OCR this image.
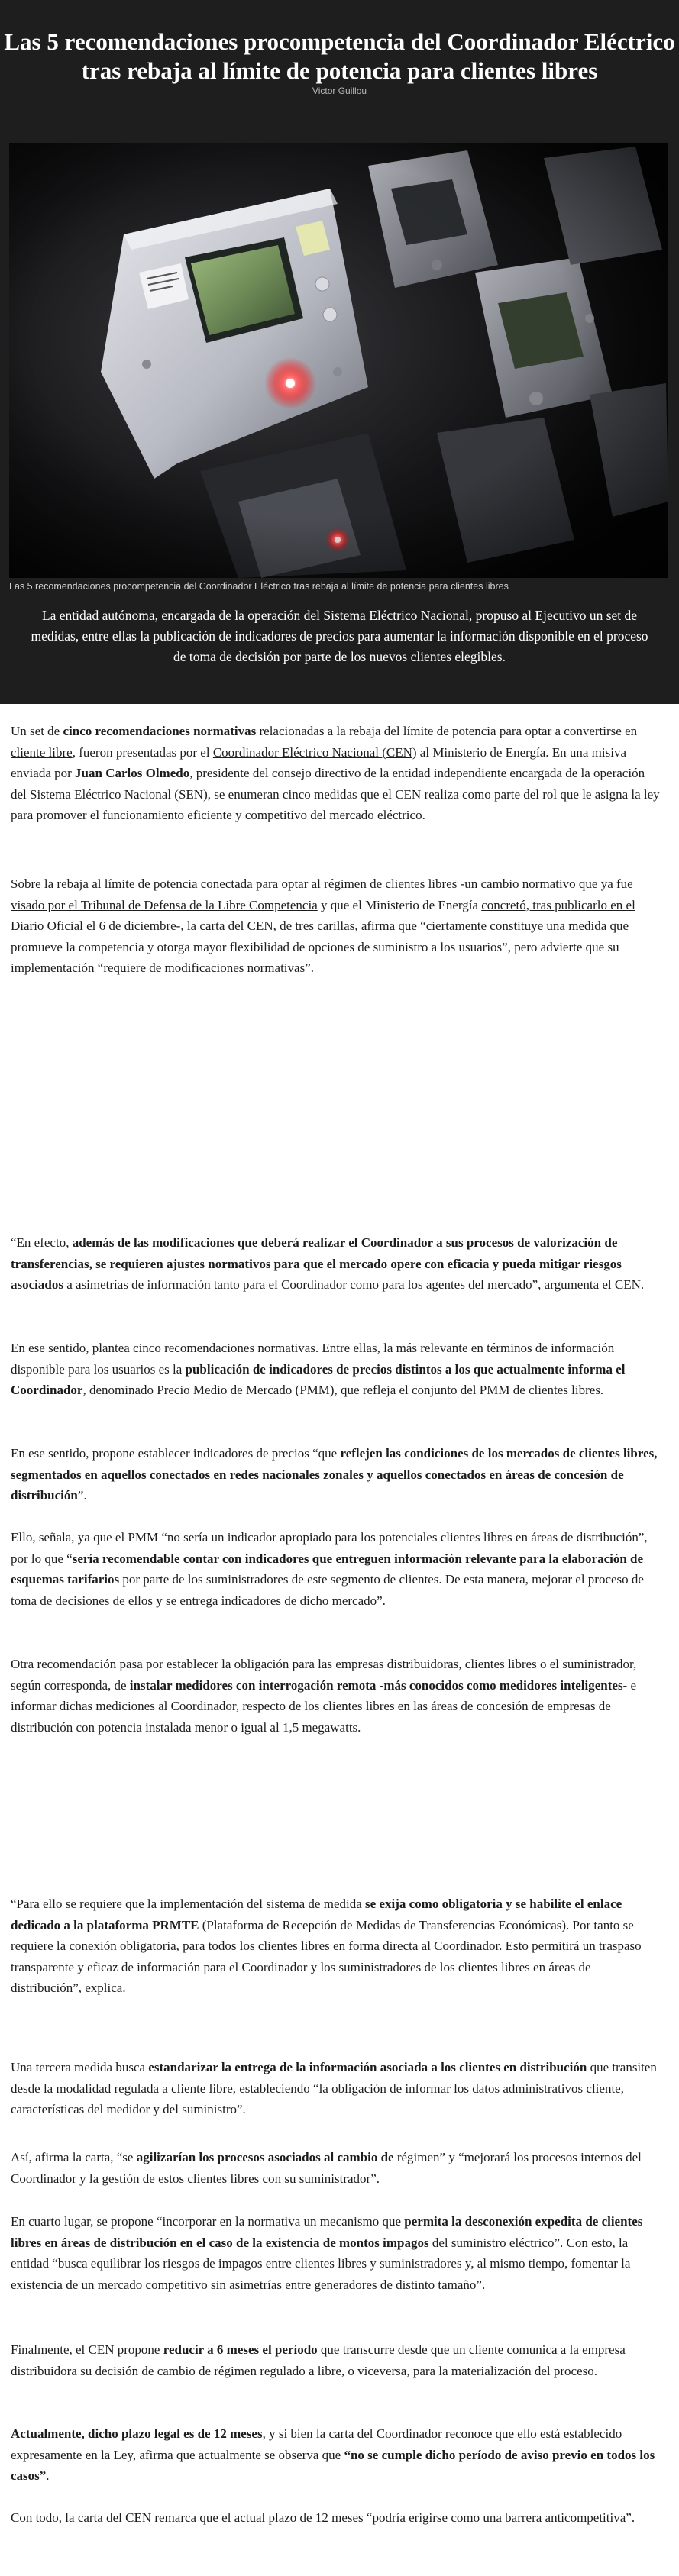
Las 5 recomendaciones procompetencia del Coordinador Eléctrico tras rebaja al límite de potencia para clientes libres
Victor Guillou
Las 5 recomendaciones procompetencia del Coordinador Eléctrico tras rebaja al límite de potencia para clientes libres

La entidad autónoma, encargada de la operación del Sistema Eléctrico Nacional, propuso al Ejecutivo un set de medidas, entre ellas la publicación de indicadores de precios para aumentar la información disponible en el proceso de toma de decisión por parte de los nuevos clientes elegibles.

Un set de cinco recomendaciones normativas relacionadas a la rebaja del límite de potencia para optar a convertirse en cliente libre, fueron presentadas por el Coordinador Eléctrico Nacional (CEN) al Ministerio de Energía. En una misiva enviada por Juan Carlos Olmedo, presidente del consejo directivo de la entidad independiente encargada de la operación del Sistema Eléctrico Nacional (SEN), se enumeran cinco medidas que el CEN realiza como parte del rol que le asigna la ley para promover el funcionamiento eficiente y competitivo del mercado eléctrico.

Sobre la rebaja al límite de potencia conectada para optar al régimen de clientes libres -un cambio normativo que ya fue visado por el Tribunal de Defensa de la Libre Competencia y que el Ministerio de Energía concretó, tras publicarlo en el Diario Oficial el 6 de diciembre-, la carta del CEN, de tres carillas, afirma que “ciertamente constituye una medida que promueve la competencia y otorga mayor flexibilidad de opciones de suministro a los usuarios”, pero advierte que su implementación “requiere de modificaciones normativas”.

“En efecto, además de las modificaciones que deberá realizar el Coordinador a sus procesos de valorización de transferencias, se requieren ajustes normativos para que el mercado opere con eficacia y pueda mitigar riesgos asociados a asimetrías de información tanto para el Coordinador como para los agentes del mercado”, argumenta el CEN.

En ese sentido, plantea cinco recomendaciones normativas. Entre ellas, la más relevante en términos de información disponible para los usuarios es la publicación de indicadores de precios distintos a los que actualmente informa el Coordinador, denominado Precio Medio de Mercado (PMM), que refleja el conjunto del PMM de clientes libres.

En ese sentido, propone establecer indicadores de precios “que reflejen las condiciones de los mercados de clientes libres, segmentados en aquellos conectados en redes nacionales zonales y aquellos conectados en áreas de concesión de distribución”.

Ello, señala, ya que el PMM “no sería un indicador apropiado para los potenciales clientes libres en áreas de distribución”, por lo que “sería recomendable contar con indicadores que entreguen información relevante para la elaboración de esquemas tarifarios por parte de los suministradores de este segmento de clientes. De esta manera, mejorar el proceso de toma de decisiones de ellos y se entrega indicadores de dicho mercado”.

Otra recomendación pasa por establecer la obligación para las empresas distribuidoras, clientes libres o el suministrador, según corresponda, de instalar medidores con interrogación remota -más conocidos como medidores inteligentes- e informar dichas mediciones al Coordinador, respecto de los clientes libres en las áreas de concesión de empresas de distribución con potencia instalada menor o igual al 1,5 megawatts.

“Para ello se requiere que la implementación del sistema de medida se exija como obligatoria y se habilite el enlace dedicado a la plataforma PRMTE (Plataforma de Recepción de Medidas de Transferencias Económicas). Por tanto se requiere la conexión obligatoria, para todos los clientes libres en forma directa al Coordinador. Esto permitirá un traspaso transparente y eficaz de información para el Coordinador y los suministradores de los clientes libres en áreas de distribución”, explica.

Una tercera medida busca estandarizar la entrega de la información asociada a los clientes en distribución que transiten desde la modalidad regulada a cliente libre, estableciendo “la obligación de informar los datos administrativos cliente, características del medidor y del suministro”.

Así, afirma la carta, “se agilizarían los procesos asociados al cambio de régimen” y “mejorará los procesos internos del Coordinador y la gestión de estos clientes libres con su suministrador”.

En cuarto lugar, se propone “incorporar en la normativa un mecanismo que permita la desconexión expedita de clientes libres en áreas de distribución en el caso de la existencia de montos impagos del suministro eléctrico”. Con esto, la entidad “busca equilibrar los riesgos de impagos entre clientes libres y suministradores y, al mismo tiempo, fomentar la existencia de un mercado competitivo sin asimetrías entre generadores de distinto tamaño”.

Finalmente, el CEN propone reducir a 6 meses el período que transcurre desde que un cliente comunica a la empresa distribuidora su decisión de cambio de régimen regulado a libre, o viceversa, para la materialización del proceso.

Actualmente, dicho plazo legal es de 12 meses, y si bien la carta del Coordinador reconoce que ello está establecido expresamente en la Ley, afirma que actualmente se observa que “no se cumple dicho período de aviso previo en todos los casos”.

Con todo, la carta del CEN remarca que el actual plazo de 12 meses “podría erigirse como una barrera anticompetitiva”.
